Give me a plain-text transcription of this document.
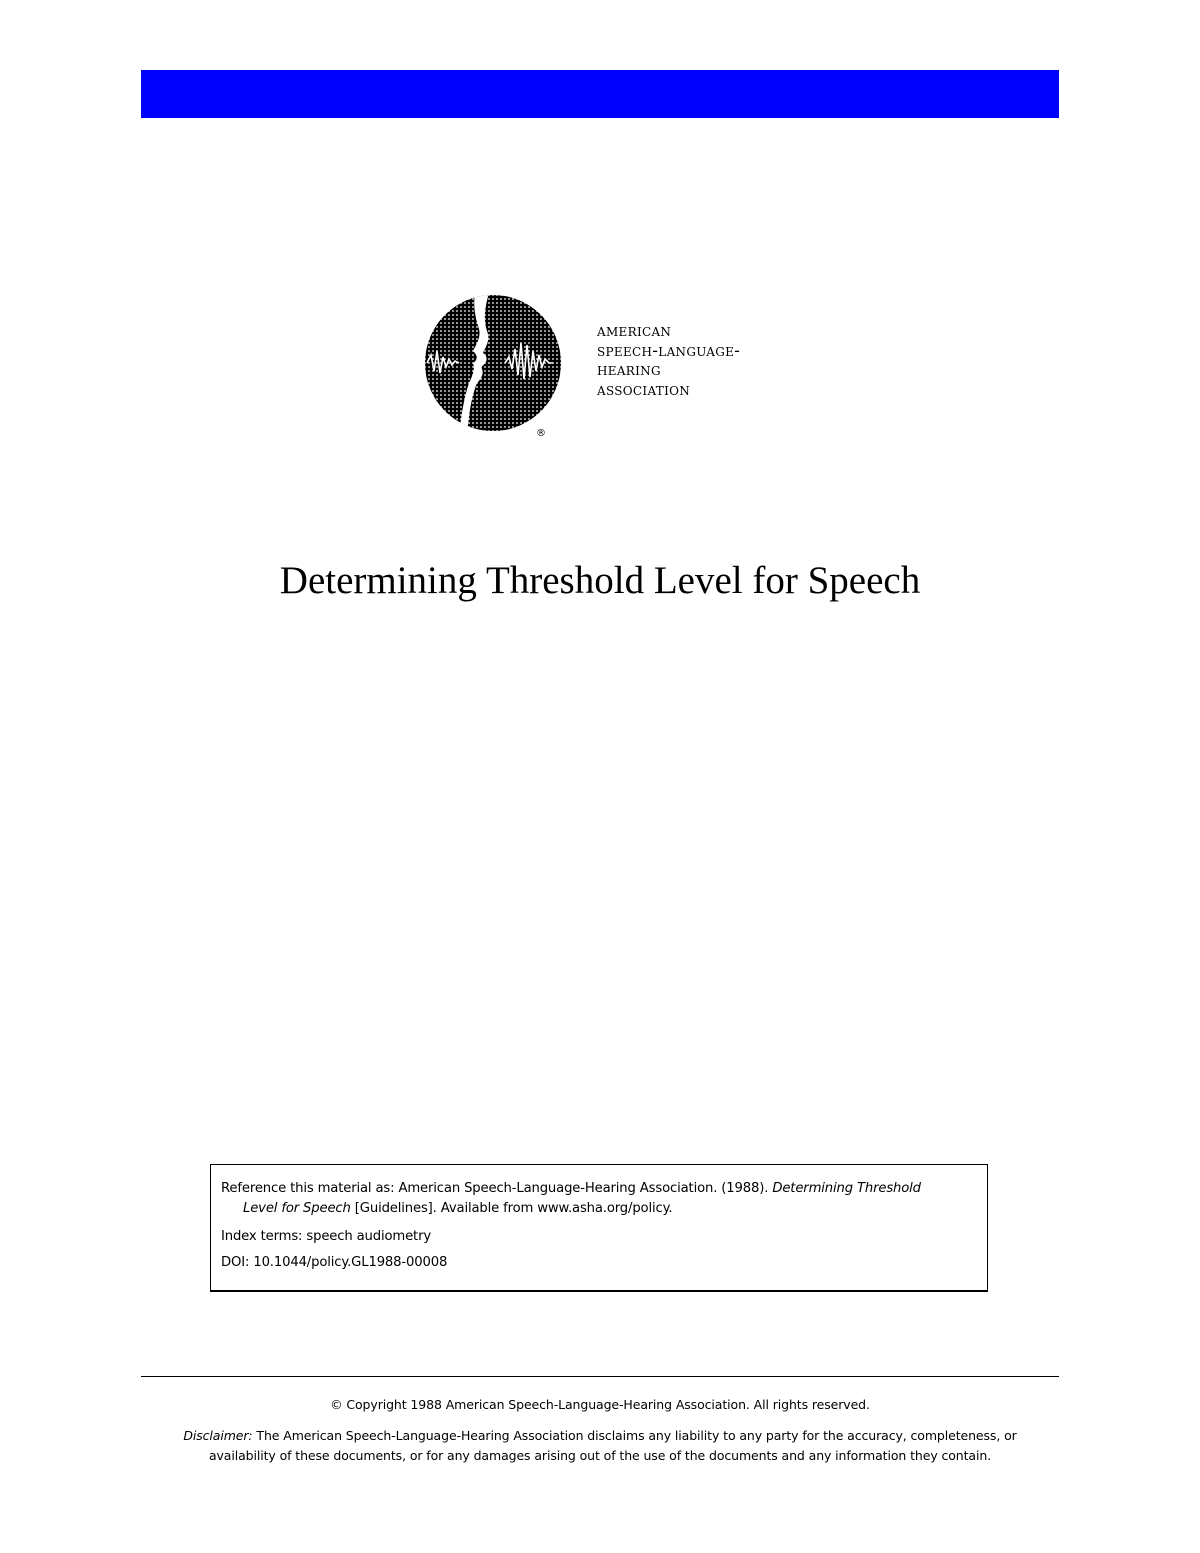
®
american
speech-language-
hearing
association
Determining Threshold Level for Speech
Reference this material as: American Speech-Language-Hearing Association. (1988). Determining Threshold
Level for Speech [Guidelines]. Available from www.asha.org/policy.
Index terms: speech audiometry
DOI: 10.1044/policy.GL1988-00008
© Copyright 1988 American Speech-Language-Hearing Association. All rights reserved.
Disclaimer: The American Speech-Language-Hearing Association disclaims any liability to any party for the accuracy, completeness, or
availability of these documents, or for any damages arising out of the use of the documents and any information they contain.
